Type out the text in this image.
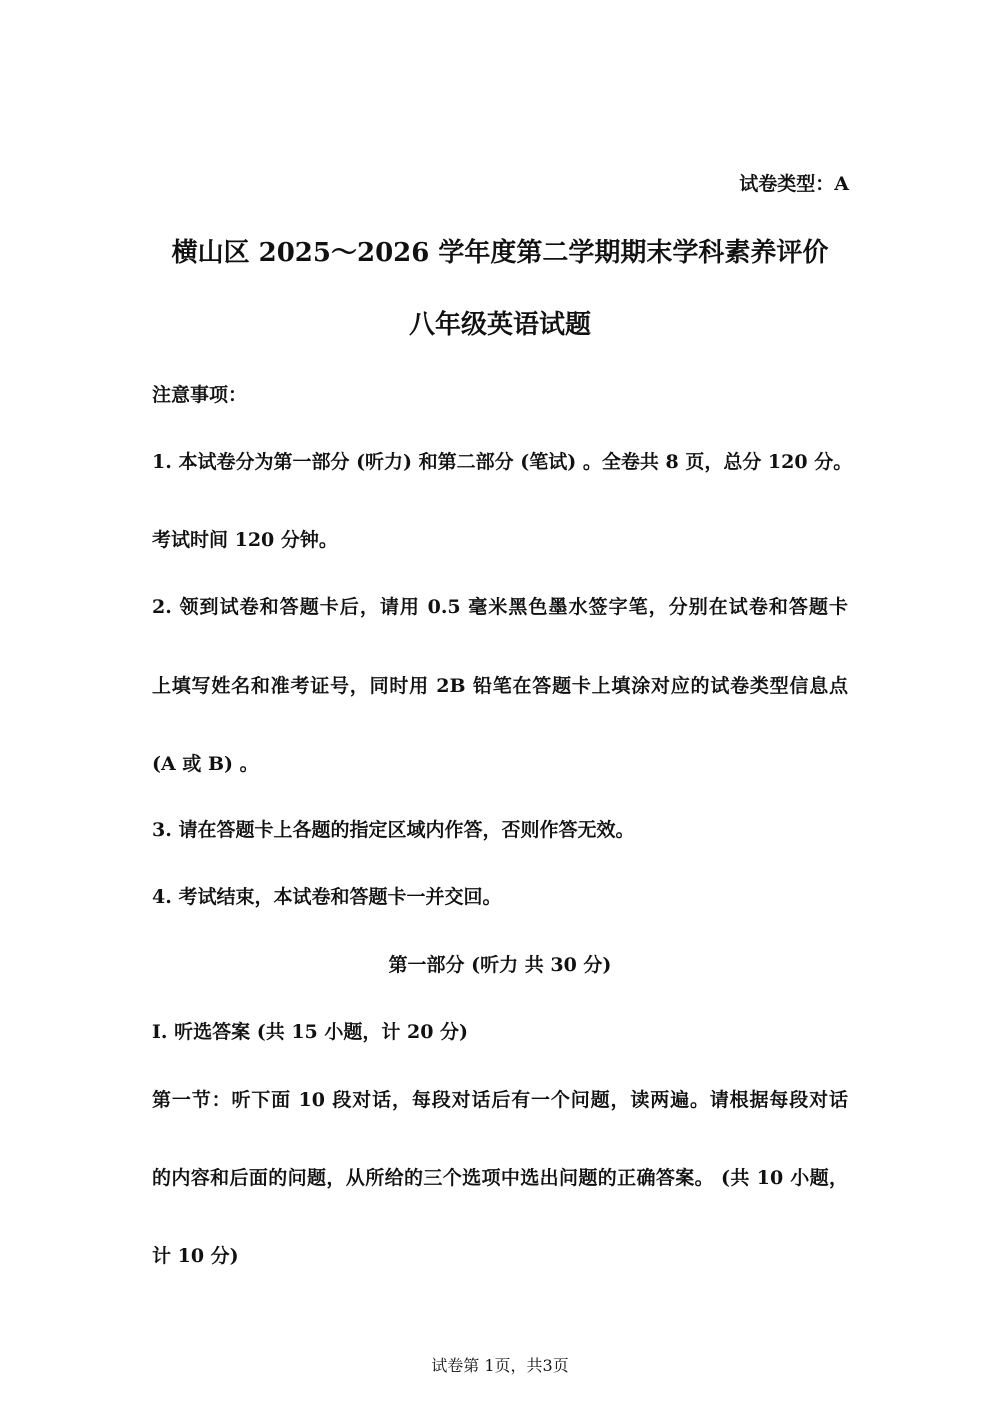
试卷类型：A
横山区 2025～2026 学年度第二学期期末学科素养评价
八年级英语试题
注意事项：
1. 本试卷分为第一部分 (听力) 和第二部分 (笔试) 。全卷共 8 页，总分 120 分。
考试时间 120 分钟。
2. 领到试卷和答题卡后，请用 0.5 毫米黑色墨水签字笔，分别在试卷和答题卡
上填写姓名和准考证号，同时用 2B 铅笔在答题卡上填涂对应的试卷类型信息点
(A 或 B) 。
3. 请在答题卡上各题的指定区域内作答，否则作答无效。
4. 考试结束，本试卷和答题卡一并交回。
第一部分 (听力 共 30 分)
Ⅰ. 听选答案 (共 15 小题，计 20 分)
第一节：听下面 10 段对话，每段对话后有一个问题，读两遍。请根据每段对话
的内容和后面的问题，从所给的三个选项中选出问题的正确答案。 (共 10 小题，
计 10 分)
试卷第 1页，共3页
